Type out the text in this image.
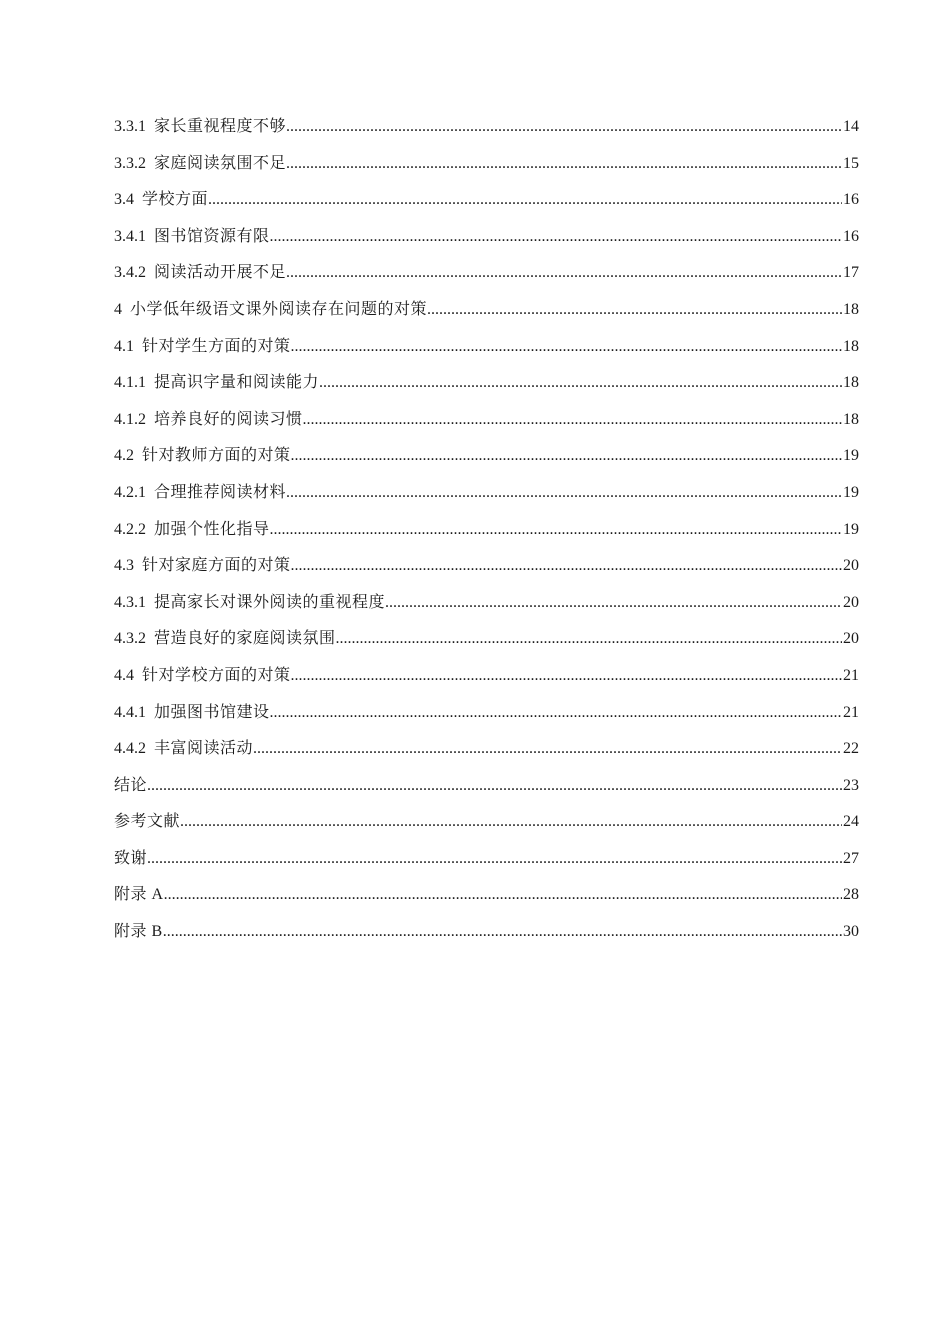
3.3.1 家长重视程度不够 .....	14
3.3.2 家庭阅读氛围不足 .....	15
3.4 学校方面 .....	16
3.4.1 图书馆资源有限 .....	16
3.4.2 阅读活动开展不足 .....	17
4 小学低年级语文课外阅读存在问题的对策 .....	18
4.1 针对学生方面的对策 .....	18
4.1.1 提高识字量和阅读能力 .....	18
4.1.2 培养良好的阅读习惯 .....	18
4.2 针对教师方面的对策 .....	19
4.2.1 合理推荐阅读材料 .....	19
4.2.2 加强个性化指导 .....	19
4.3 针对家庭方面的对策 .....	20
4.3.1 提高家长对课外阅读的重视程度 .....	20
4.3.2 营造良好的家庭阅读氛围 .....	20
4.4 针对学校方面的对策 .....	21
4.4.1 加强图书馆建设 .....	21
4.4.2 丰富阅读活动 .....	22
结论 .....	23
参考文献 .....	24
致谢 .....	27
附录 A .....	28
附录 B .....	30
